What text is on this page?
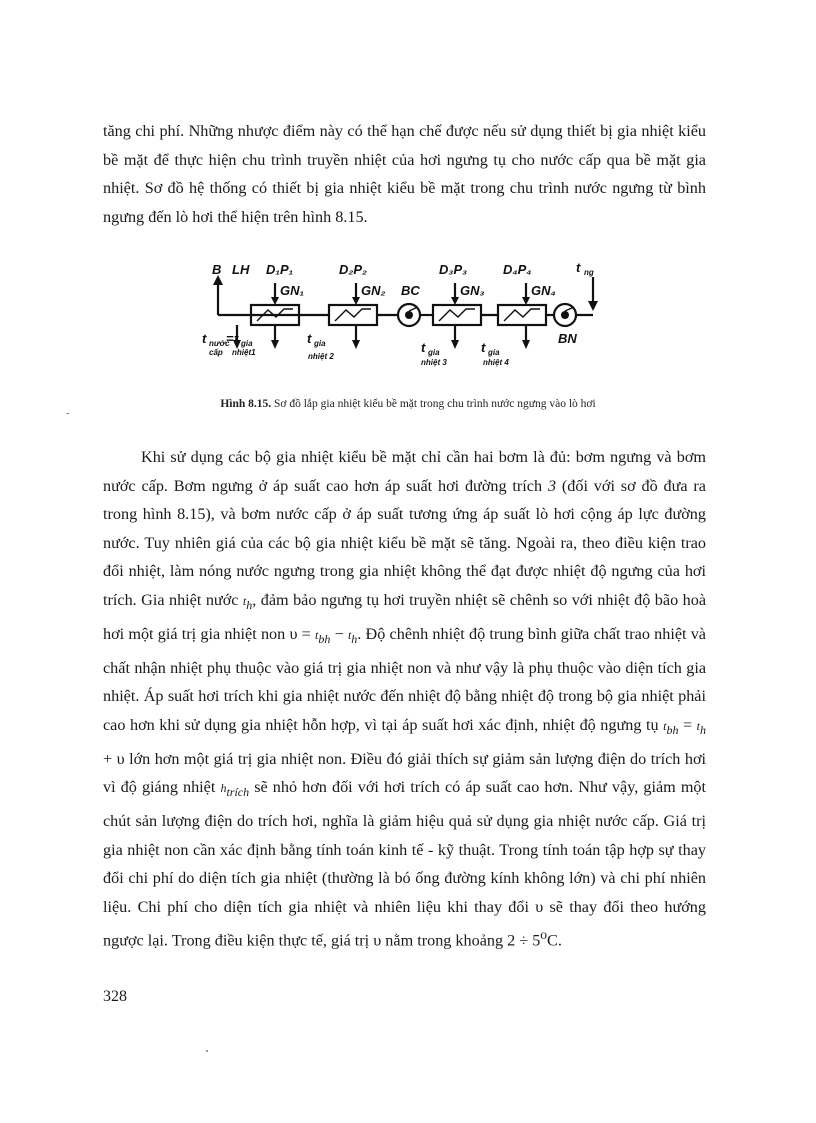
tăng chi phí. Những nhược điểm này có thể hạn chế được nếu sử dụng thiết bị gia nhiệt kiểu bề mặt để thực hiện chu trình truyền nhiệt của hơi ngưng tụ cho nước cấp qua bề mặt gia nhiệt. Sơ đồ hệ thống có thiết bị gia nhiệt kiểu bề mặt trong chu trình nước ngưng từ bình ngưng đến lò hơi thể hiện trên hình 8.15.

B LH D₁P₁	D₂P₂	D₃P₃	D₄P₄	t ng
GN₁	GN₂ BC	GN₃	GN₄
BN
t nước
cấp
= t gia
nhiệt1
t gia
nhiệt 2
t gia
nhiệt 3
t gia
nhiệt 4
-
Hình 8.15. Sơ đồ lắp gia nhiệt kiểu bề mặt trong chu trình nước ngưng vào lò hơi

Khi sử dụng các bộ gia nhiệt kiểu bề mặt chỉ cần hai bơm là đủ: bơm ngưng và bơm nước cấp. Bơm ngưng ở áp suất cao hơn áp suất hơi đường trích 3 (đối với sơ đồ đưa ra trong hình 8.15), và bơm nước cấp ở áp suất tương ứng áp suất lò hơi cộng áp lực đường nước. Tuy nhiên giá của các bộ gia nhiệt kiểu bề mặt sẽ tăng. Ngoài ra, theo điều kiện trao đổi nhiệt, làm nóng nước ngưng trong gia nhiệt không thể đạt được nhiệt độ ngưng của hơi trích. Gia nhiệt nước $t_h$, đảm bảo ngưng tụ hơi truyền nhiệt sẽ chênh so với nhiệt độ bão hoà hơi một giá trị gia nhiệt non $\upsilon = t_{bh} - t_h$. Độ chênh nhiệt độ trung bình giữa chất trao nhiệt và chất nhận nhiệt phụ thuộc vào giá trị gia nhiệt non và như vậy là phụ thuộc vào diện tích gia nhiệt. Áp suất hơi trích khi gia nhiệt nước đến nhiệt độ bằng nhiệt độ trong bộ gia nhiệt phải cao hơn khi sử dụng gia nhiệt hỗn hợp, vì tại áp suất hơi xác định, nhiệt độ ngưng tụ $t_{bh} = t_h + \upsilon$ lớn hơn một giá trị gia nhiệt non. Điều đó giải thích sự giảm sản lượng điện do trích hơi vì độ giáng nhiệt $h_{trích}$ sẽ nhỏ hơn đối với hơi trích có áp suất cao hơn. Như vậy, giảm một chút sản lượng điện do trích hơi, nghĩa là giảm hiệu quả sử dụng gia nhiệt nước cấp. Giá trị gia nhiệt non cần xác định bằng tính toán kinh tế - kỹ thuật. Trong tính toán tập hợp sự thay đổi chi phí do diện tích gia nhiệt (thường là bó ống đường kính không lớn) và chi phí nhiên liệu. Chi phí cho diện tích gia nhiệt và nhiên liệu khi thay đổi υ sẽ thay đổi theo hướng ngược lại. Trong điều kiện thực tế, giá trị υ nằm trong khoảng $2 \div 5^oC$.

328
